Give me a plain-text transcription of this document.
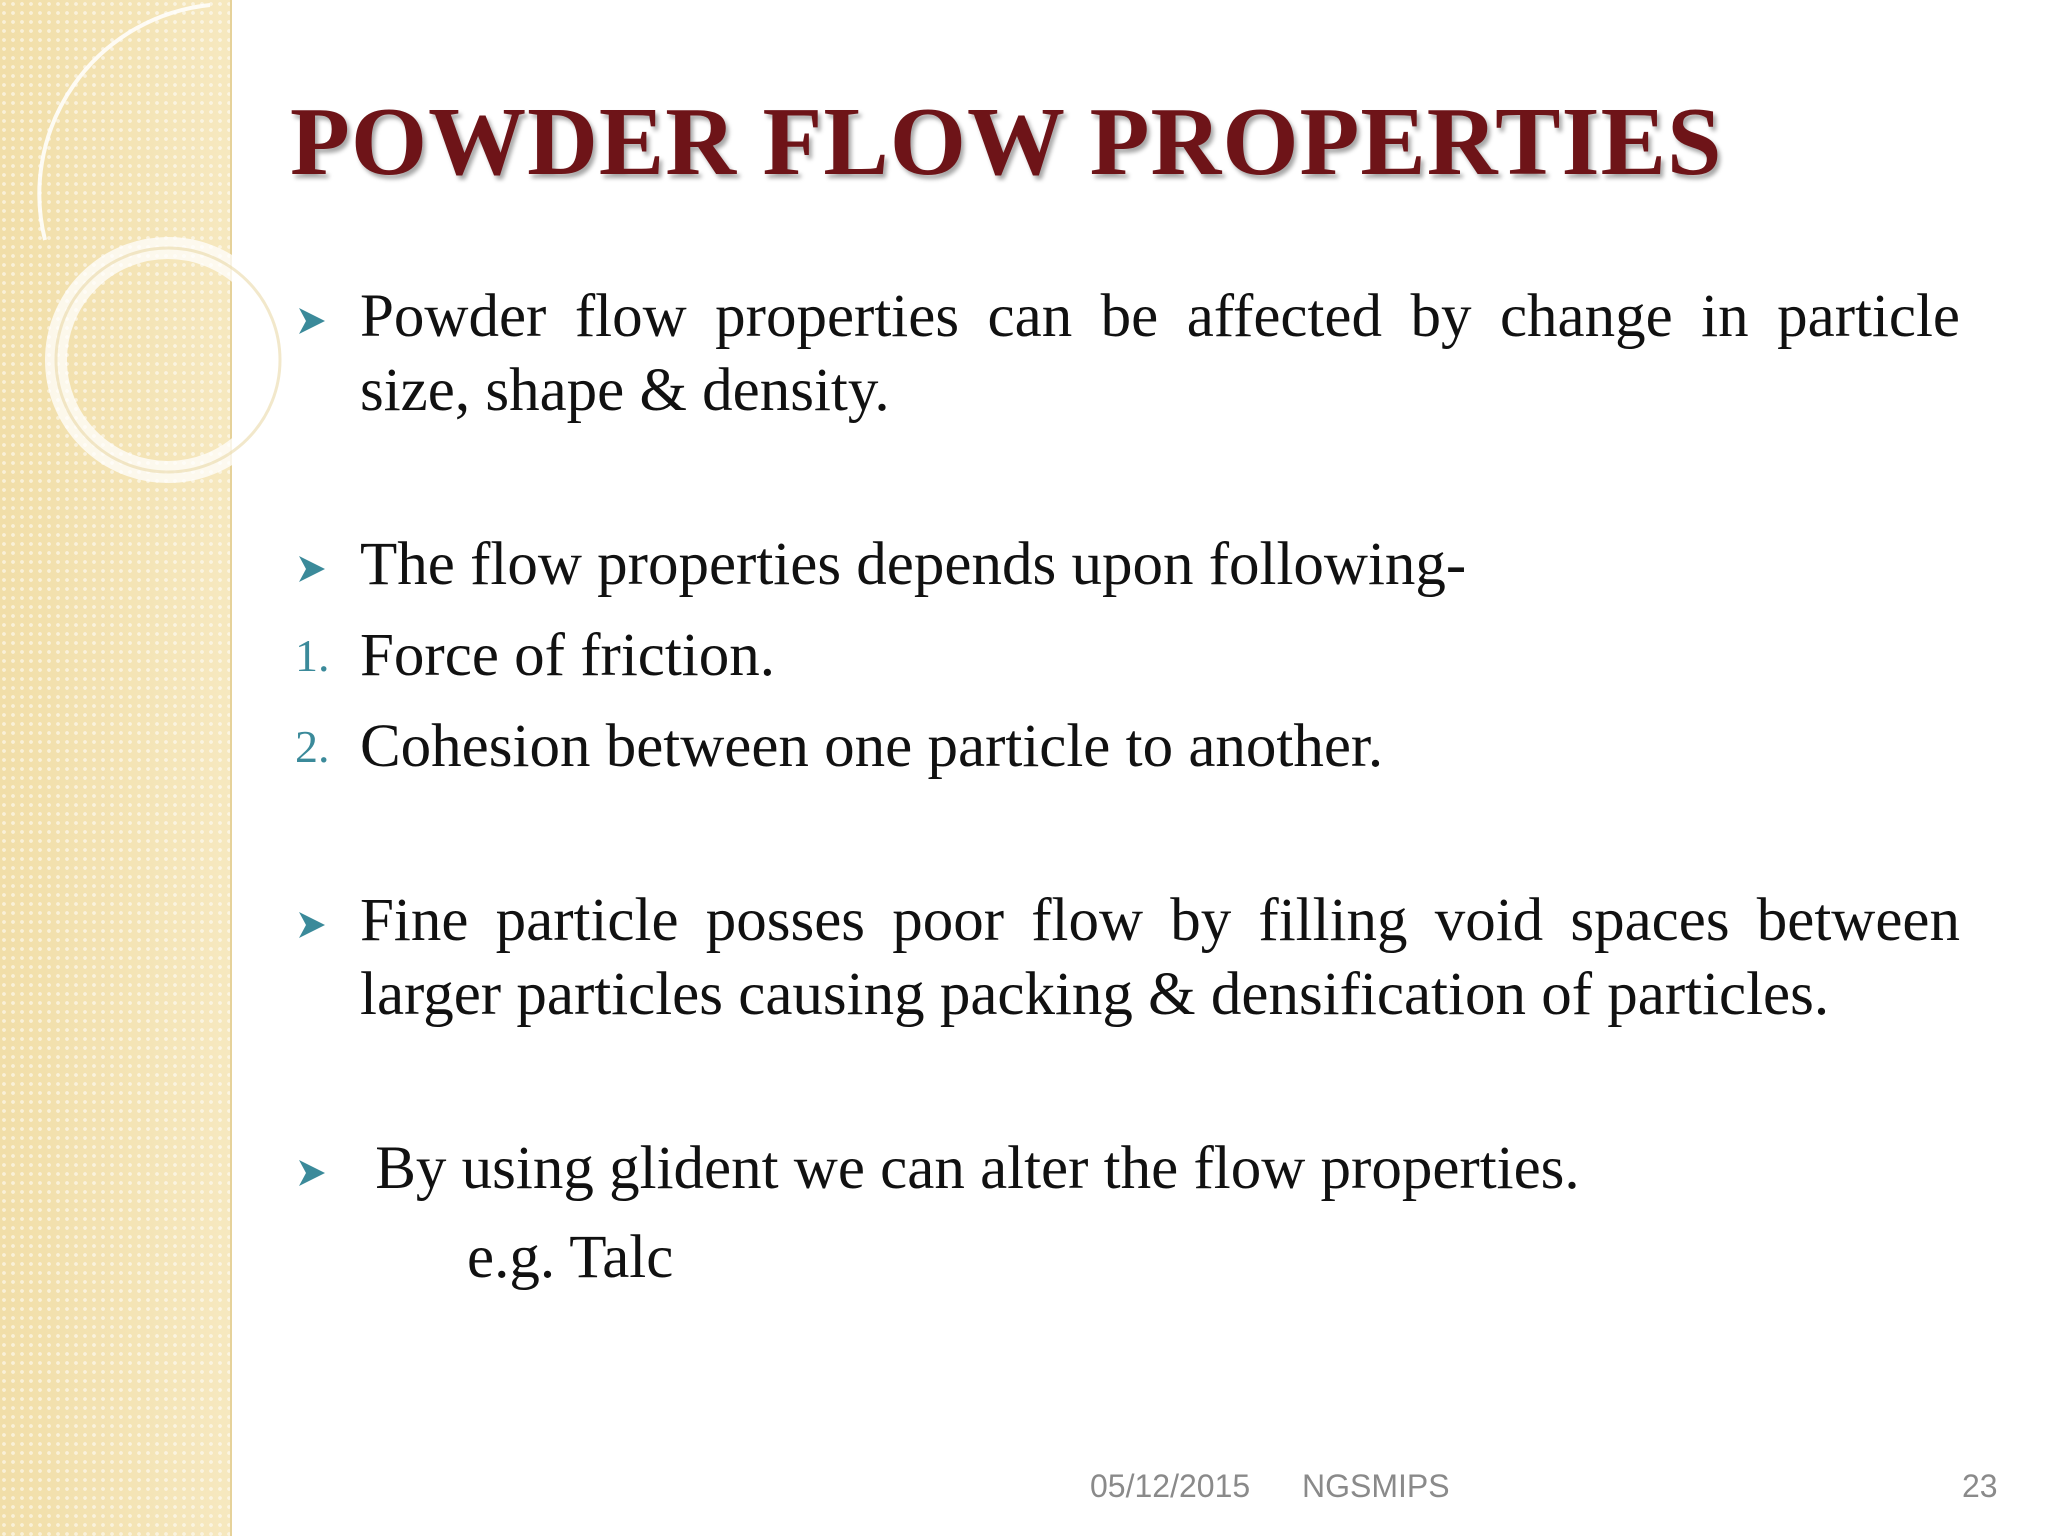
POWDER FLOW PROPERTIES
Powder flow properties can be affected by change in particle size, shape & density.
The flow properties depends upon following-
1. Force of friction.
2. Cohesion between one particle to another.
Fine particle posses poor flow by filling void spaces between larger particles causing packing & densification of particles.
By using glident we can alter the flow properties.
e.g. Talc
05/12/2015 NGSMIPS	23
